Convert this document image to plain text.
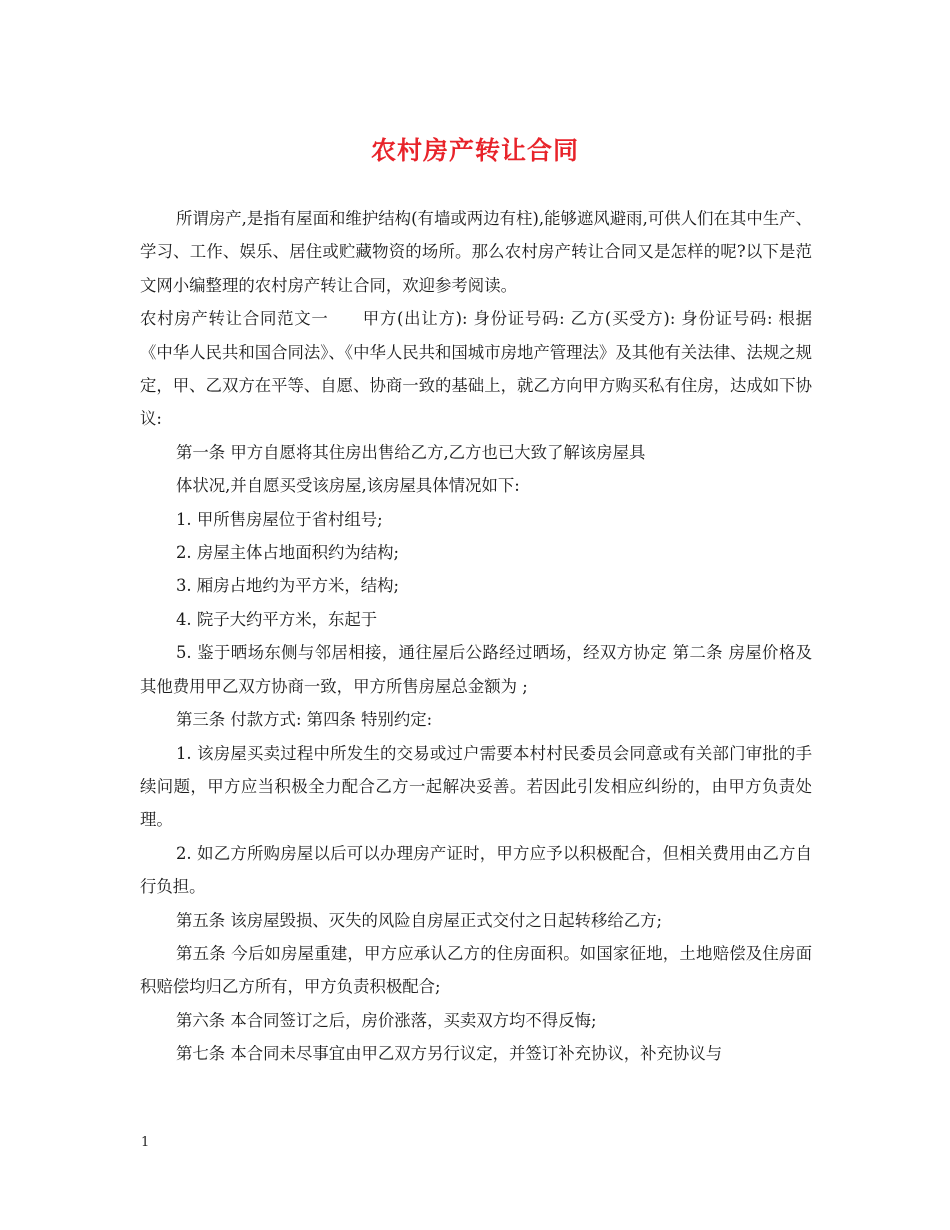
农村房产转让合同

所谓房产,是指有屋面和维护结构(有墙或两边有柱),能够遮风避雨,可供人们在其中生产、学习、工作、娱乐、居住或贮藏物资的场所。那么农村房产转让合同又是怎样的呢?以下是范文网小编整理的农村房产转让合同，欢迎参考阅读。

农村房产转让合同范文一　　甲方(出让方): 身份证号码: 乙方(买受方): 身份证号码: 根据《中华人民共和国合同法》、《中华人民共和国城市房地产管理法》及其他有关法律、法规之规定，甲、乙双方在平等、自愿、协商一致的基础上，就乙方向甲方购买私有住房，达成如下协议:

第一条 甲方自愿将其住房出售给乙方,乙方也已大致了解该房屋具

体状况,并自愿买受该房屋,该房屋具体情况如下:

1. 甲所售房屋位于省村组号;

2. 房屋主体占地面积约为结构;

3. 厢房占地约为平方米，结构;

4. 院子大约平方米，东起于

5. 鉴于晒场东侧与邻居相接，通往屋后公路经过晒场，经双方协定 第二条 房屋价格及其他费用甲乙双方协商一致，甲方所售房屋总金额为 ;

第三条 付款方式: 第四条 特别约定:

1. 该房屋买卖过程中所发生的交易或过户需要本村村民委员会同意或有关部门审批的手续问题，甲方应当积极全力配合乙方一起解决妥善。若因此引发相应纠纷的，由甲方负责处理。

2. 如乙方所购房屋以后可以办理房产证时，甲方应予以积极配合，但相关费用由乙方自行负担。

第五条 该房屋毁损、灭失的风险自房屋正式交付之日起转移给乙方;

第五条 今后如房屋重建，甲方应承认乙方的住房面积。如国家征地，土地赔偿及住房面积赔偿均归乙方所有，甲方负责积极配合;

第六条 本合同签订之后，房价涨落，买卖双方均不得反悔;

第七条 本合同未尽事宜由甲乙双方另行议定，并签订补充协议，补充协议与

1
